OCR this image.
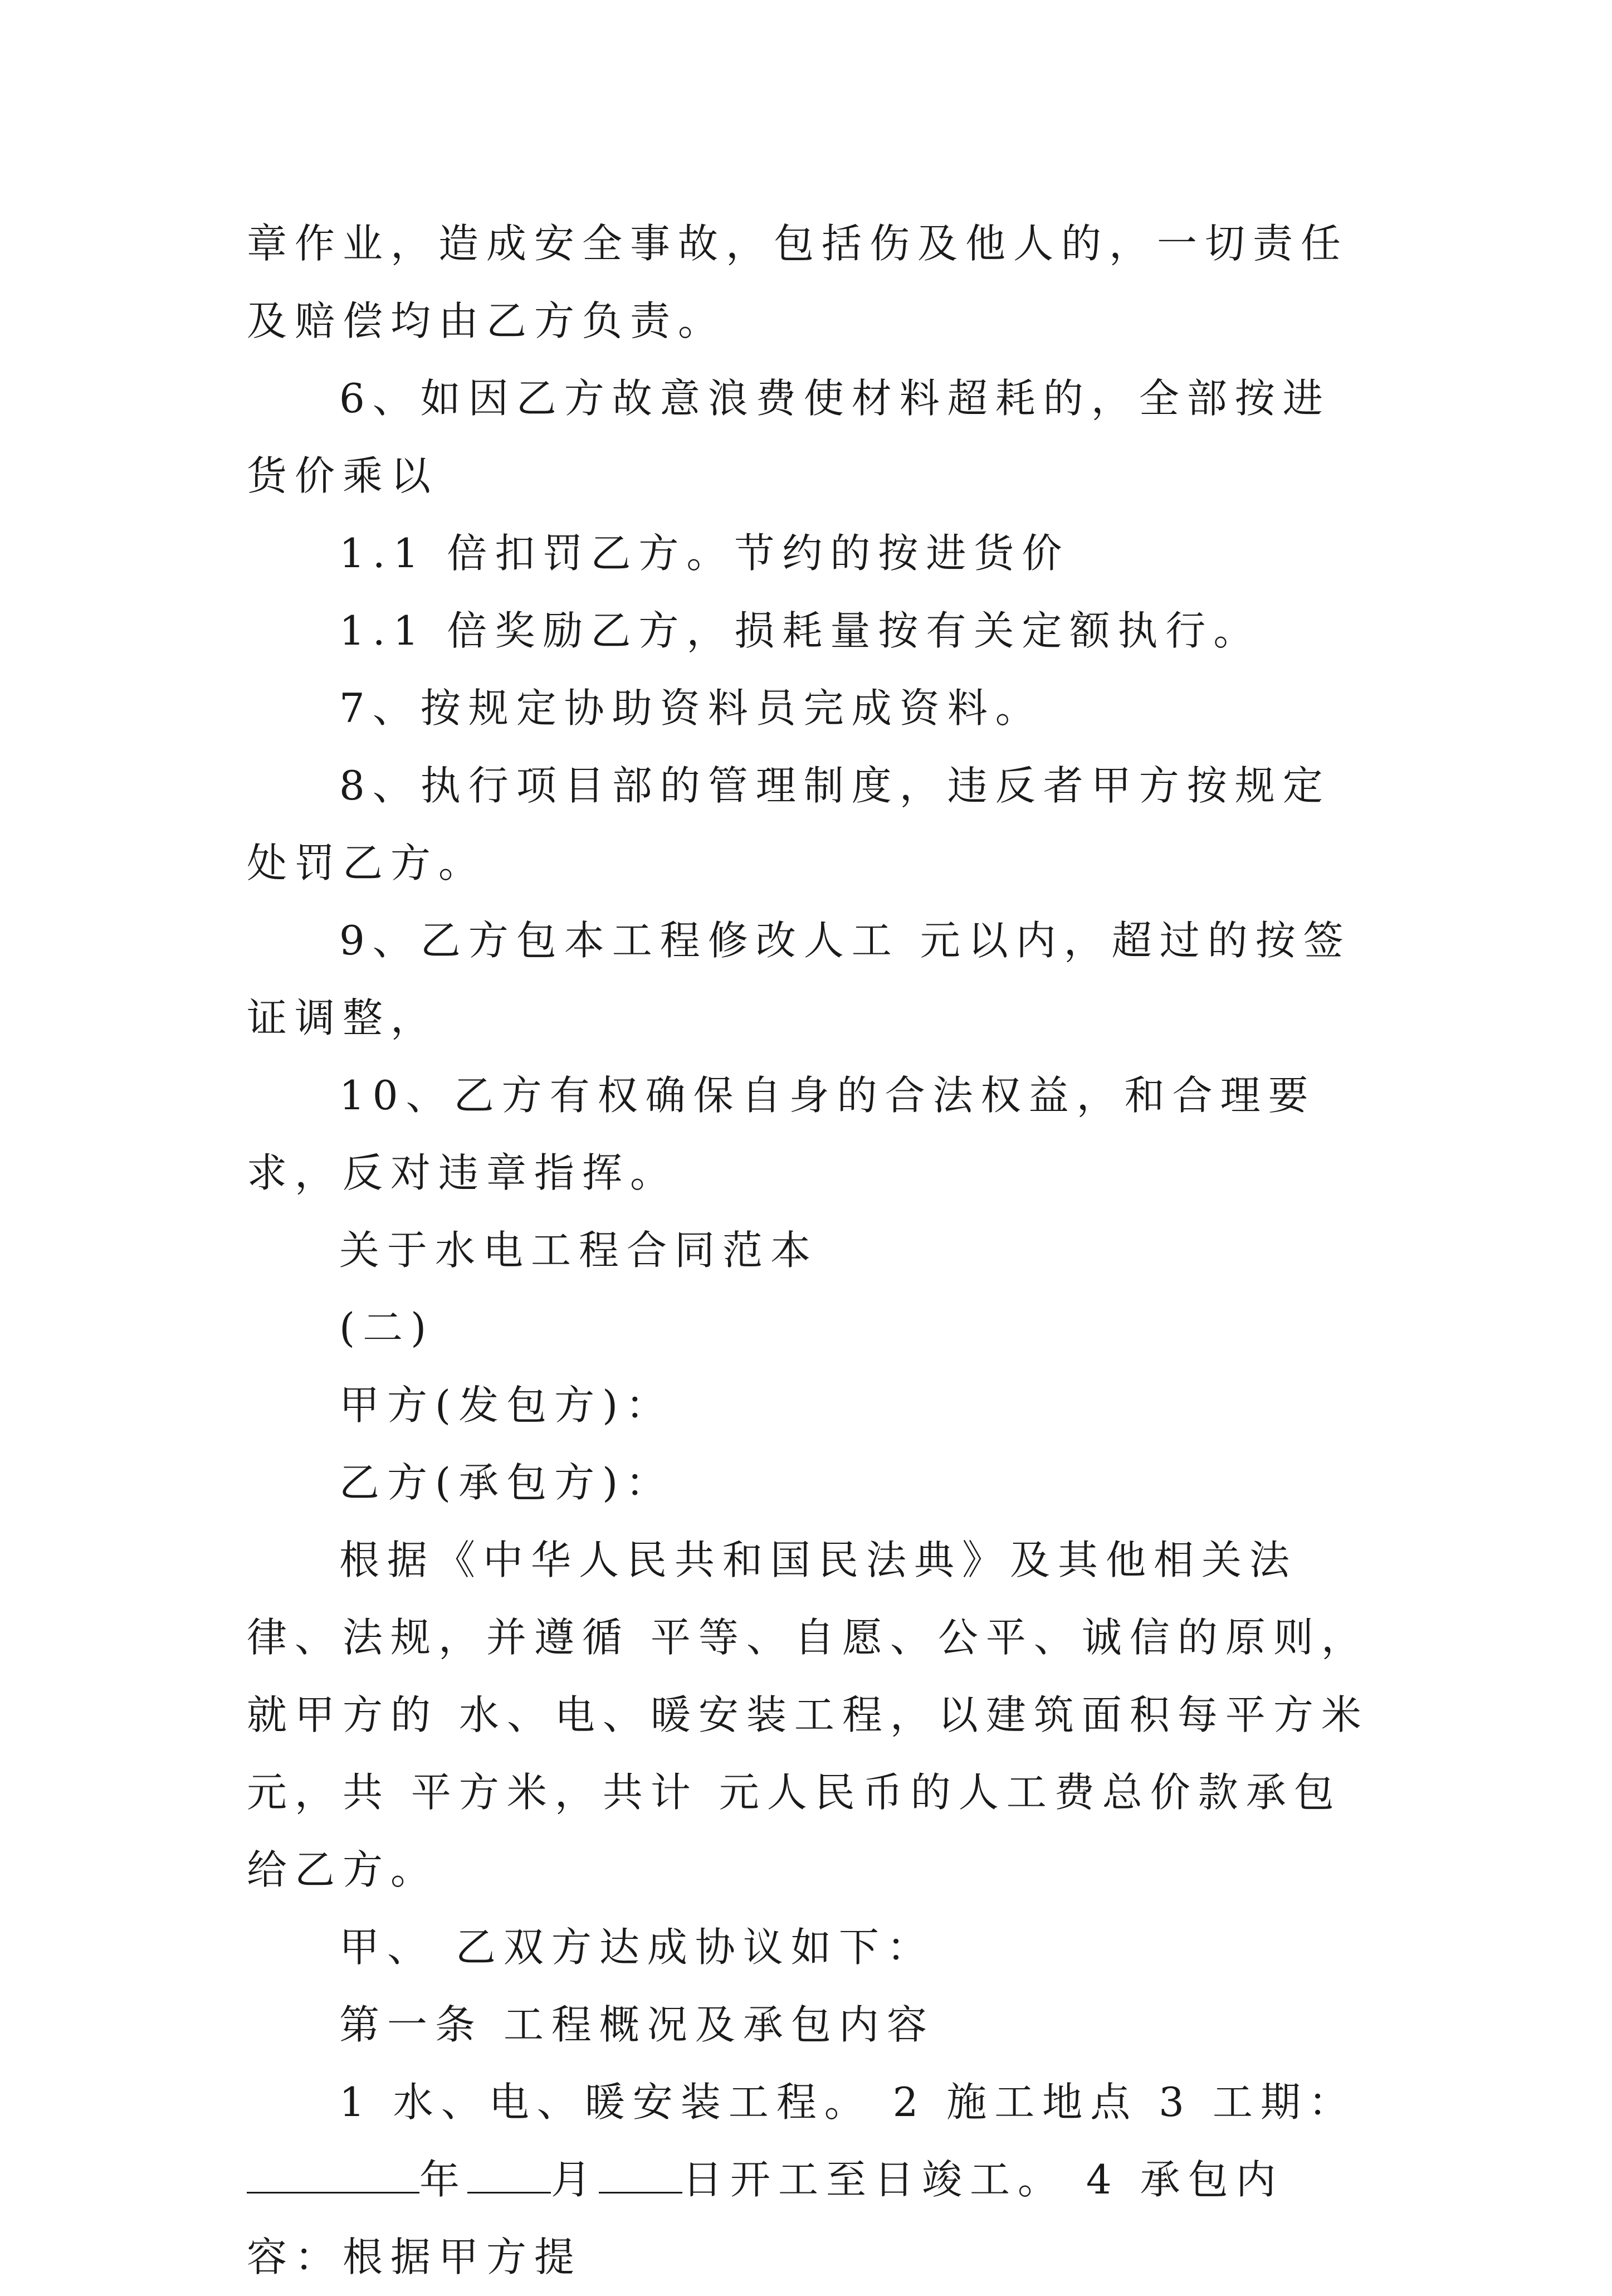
章作业，造成安全事故，包括伤及他人的，一切责任及赔偿均由乙方负责。

6、如因乙方故意浪费使材料超耗的，全部按进货价乘以

1.1 倍扣罚乙方。节约的按进货价

1.1 倍奖励乙方，损耗量按有关定额执行。

7、按规定协助资料员完成资料。

8、执行项目部的管理制度，违反者甲方按规定处罚乙方。

9、乙方包本工程修改人工 元以内，超过的按签证调整，

10、乙方有权确保自身的合法权益，和合理要求，反对违章指挥。

关于水电工程合同范本

(二)

甲方(发包方)：

乙方(承包方)：

根据《中华人民共和国民法典》及其他相关法律、法规，并遵循 平等、自愿、公平、诚信的原则，就甲方的 水、电、暖安装工程，以建筑面积每平方米 元，共 平方米，共计 元人民币的人工费总价款承包给乙方。

甲、 乙双方达成协议如下：

第一条 工程概况及承包内容

1 水、电、暖安装工程。 2 施工地点 3 工期：年 月 日开工至日竣工。 4 承包内容：根据甲方提
